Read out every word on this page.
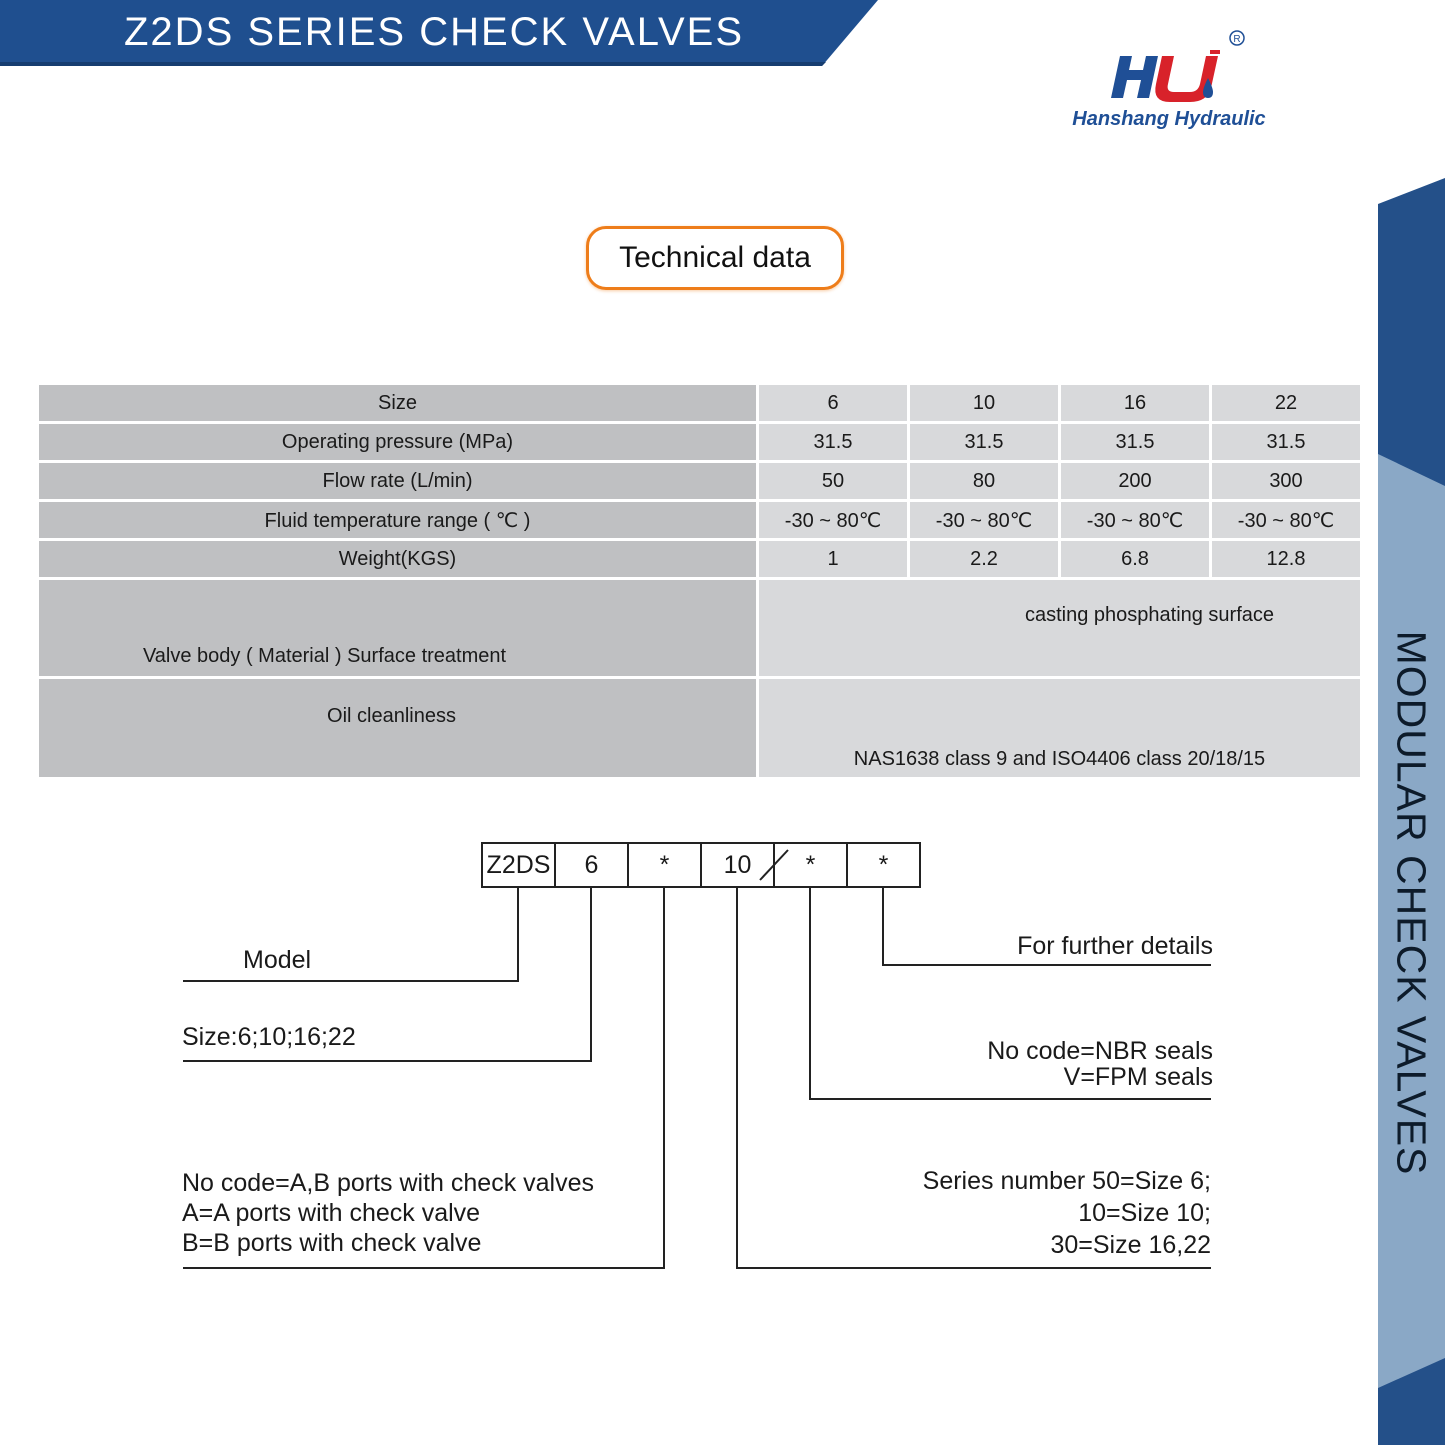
Z2DS SERIES CHECK VALVES	R
Hanshang Hydraulic
MODULAR CHECK VALVES
Technical data
Size	6	10	16	22
Operating pressure (MPa)	31.5	31.5	31.5	31.5
Flow rate (L/min)	50	80	200	300
Fluid temperature range ( ℃ )	-30 ~ 80℃	-30 ~ 80℃	-30 ~ 80℃	-30 ~ 80℃
Weight(KGS)	1	2.2	6.8	12.8
Valve body ( Material ) Surface treatment	casting phosphating surface			
Oil cleanliness	NAS1638 class 9 and ISO4406 class 20/18/15			
Z2DS	6	*	10	*	*
Model
Size:6;10;16;22
No code=A,B ports with check valves
A=A ports with check valve
B=B ports with check valve
For further details
No code=NBR seals
V=FPM seals
Series number 50=Size 6;
10=Size 10;
30=Size 16,22
